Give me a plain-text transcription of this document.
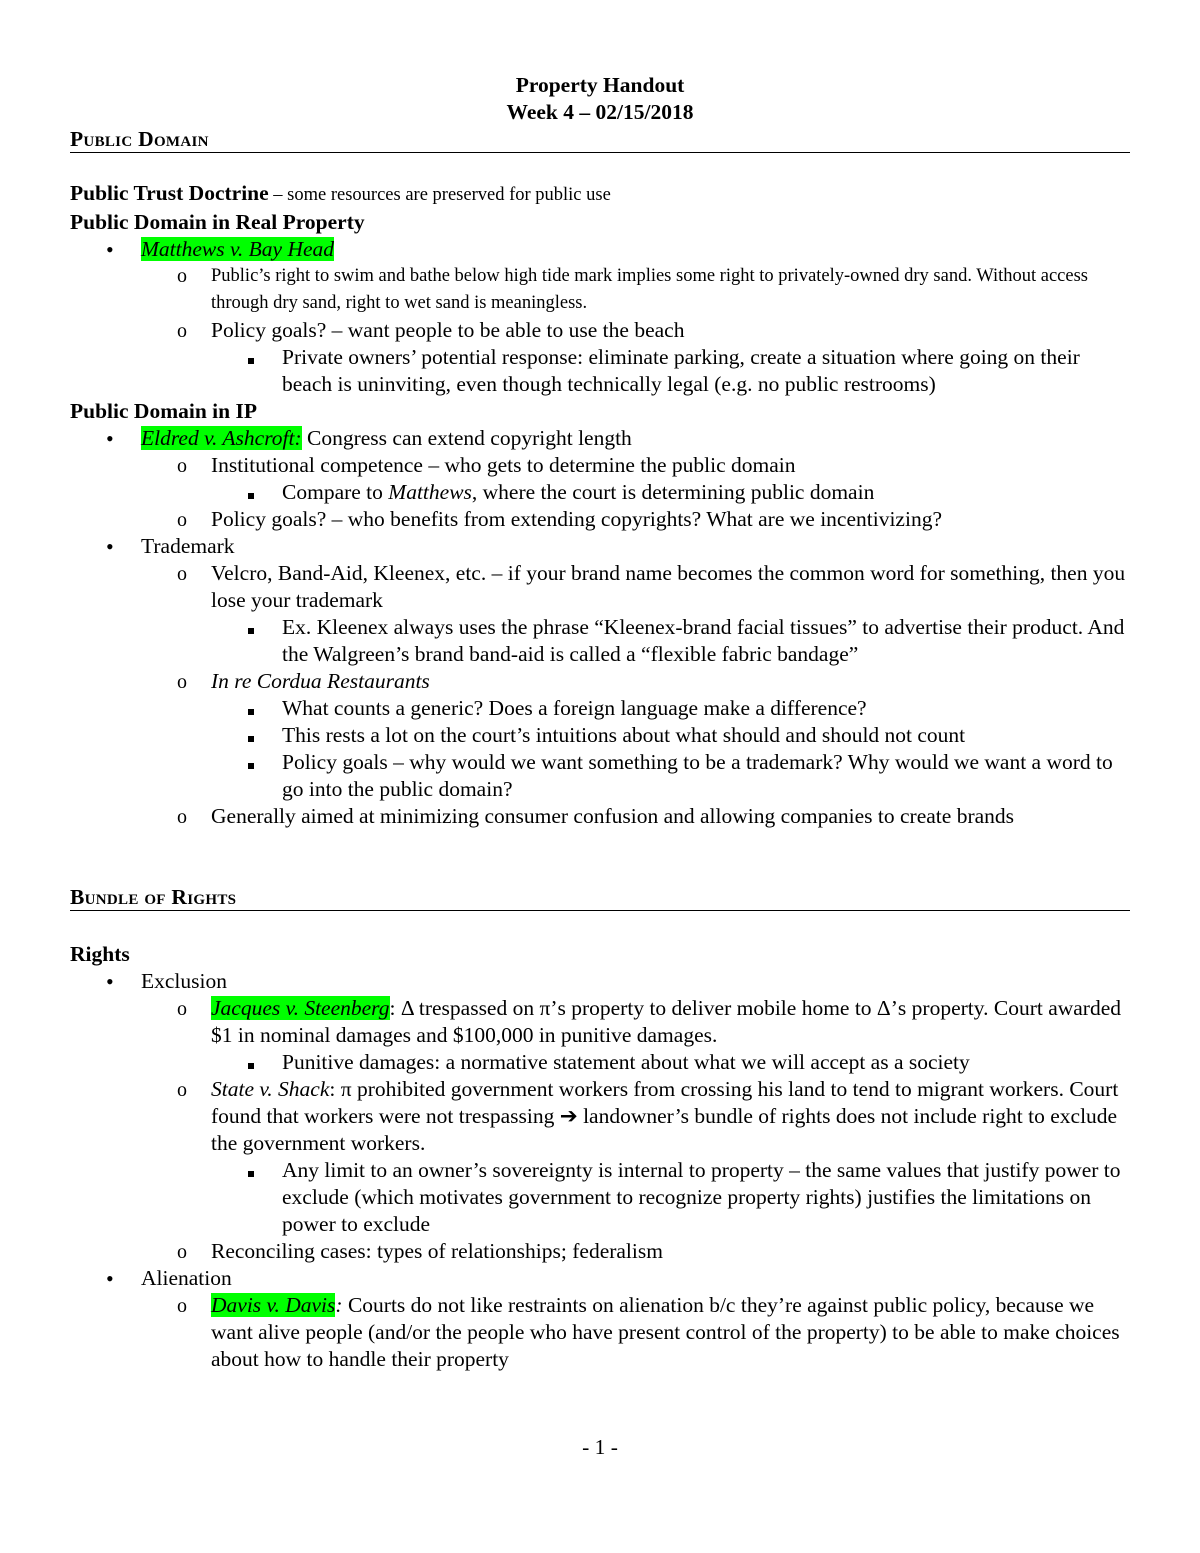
Property Handout
Week 4 – 02/15/2018
Public Domain
Public Trust Doctrine – some resources are preserved for public use
Public Domain in Real Property
•
Matthews v. Bay Head
o
Public’s right to swim and bathe below high tide mark implies some right to privately-owned dry sand. Without access through dry sand, right to wet sand is meaningless.
o
Policy goals? – want people to be able to use the beach
Private owners’ potential response: eliminate parking, create a situation where going on their beach is uninviting, even though technically legal (e.g. no public restrooms)
Public Domain in IP
•
Eldred v. Ashcroft: Congress can extend copyright length
o
Institutional competence – who gets to determine the public domain
Compare to Matthews, where the court is determining public domain
o
Policy goals? – who benefits from extending copyrights? What are we incentivizing?
•
Trademark
o
Velcro, Band-Aid, Kleenex, etc. – if your brand name becomes the common word for something, then you lose your trademark
Ex. Kleenex always uses the phrase “Kleenex-brand facial tissues” to advertise their product. And the Walgreen’s brand band-aid is called a “flexible fabric bandage”
o
In re Cordua Restaurants
What counts a generic? Does a foreign language make a difference?
This rests a lot on the court’s intuitions about what should and should not count
Policy goals – why would we want something to be a trademark? Why would we want a word to go into the public domain?
o
Generally aimed at minimizing consumer confusion and allowing companies to create brands
Bundle of Rights
Rights
•
Exclusion
o
Jacques v. Steenberg: Δ trespassed on π’s property to deliver mobile home to Δ’s property. Court awarded $1 in nominal damages and $100,000 in punitive damages.
Punitive damages: a normative statement about what we will accept as a society
o
State v. Shack: π prohibited government workers from crossing his land to tend to migrant workers. Court found that workers were not trespassing ➔ landowner’s bundle of rights does not include right to exclude the government workers.
Any limit to an owner’s sovereignty is internal to property – the same values that justify power to exclude (which motivates government to recognize property rights) justifies the limitations on power to exclude
o
Reconciling cases: types of relationships; federalism
•
Alienation
o
Davis v. Davis: Courts do not like restraints on alienation b/c they’re against public policy, because we want alive people (and/or the people who have present control of the property) to be able to make choices about how to handle their property
- 1 -
